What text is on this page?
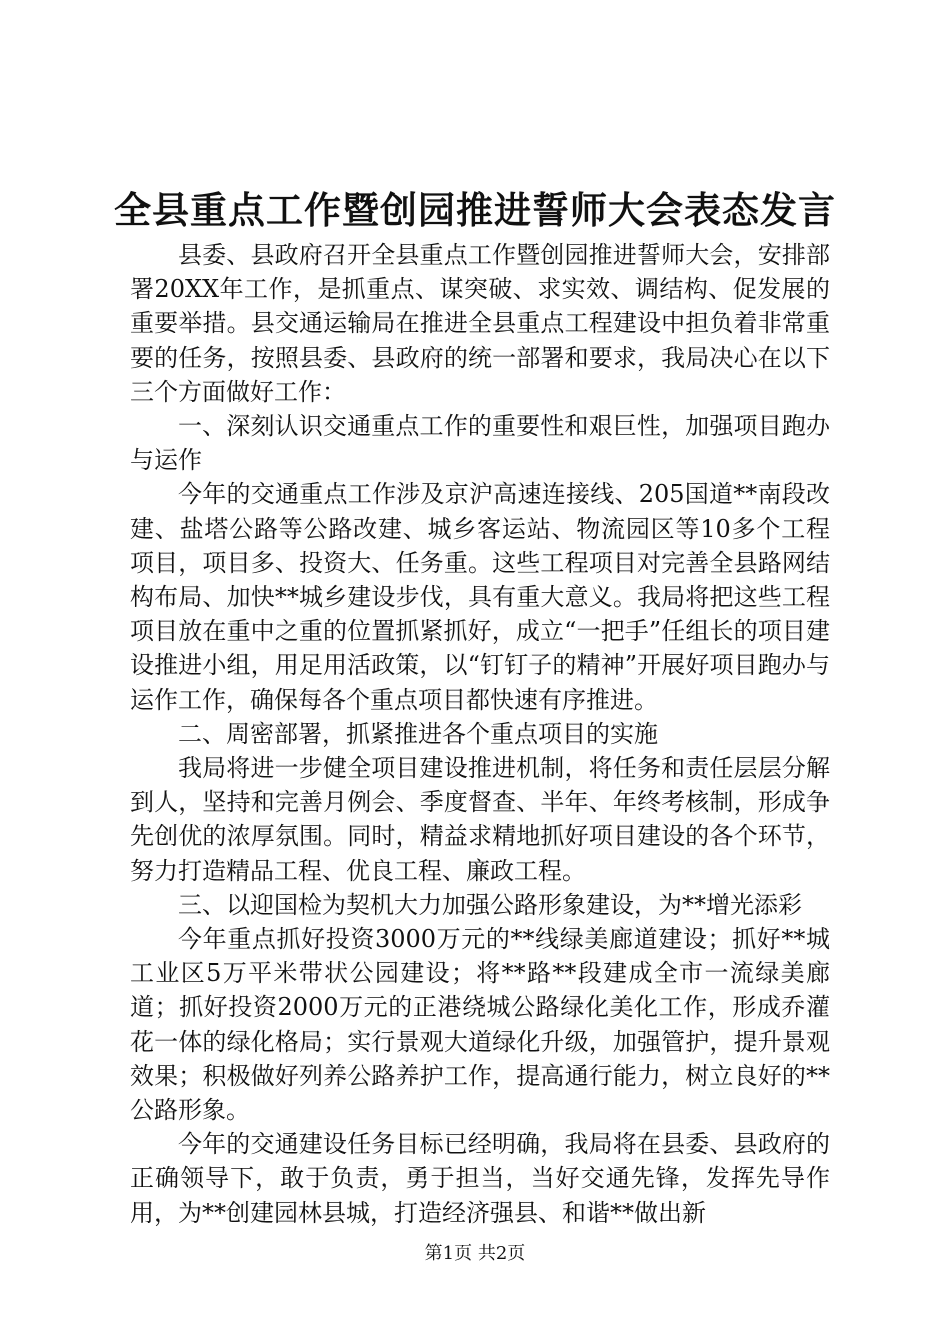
全县重点工作暨创园推进誓师大会表态发言

县委、县政府召开全县重点工作暨创园推进誓师大会，安排部署20XX年工作，是抓重点、谋突破、求实效、调结构、促发展的重要举措。县交通运输局在推进全县重点工程建设中担负着非常重要的任务，按照县委、县政府的统一部署和要求，我局决心在以下三个方面做好工作：

一、深刻认识交通重点工作的重要性和艰巨性，加强项目跑办与运作

今年的交通重点工作涉及京沪高速连接线、205国道**南段改建、盐塔公路等公路改建、城乡客运站、物流园区等10多个工程项目，项目多、投资大、任务重。这些工程项目对完善全县路网结构布局、加快**城乡建设步伐，具有重大意义。我局将把这些工程项目放在重中之重的位置抓紧抓好，成立“一把手”任组长的项目建设推进小组，用足用活政策，以“钉钉子的精神”开展好项目跑办与运作工作，确保每各个重点项目都快速有序推进。

二、周密部署，抓紧推进各个重点项目的实施

我局将进一步健全项目建设推进机制，将任务和责任层层分解到人，坚持和完善月例会、季度督查、半年、年终考核制，形成争先创优的浓厚氛围。同时，精益求精地抓好项目建设的各个环节，努力打造精品工程、优良工程、廉政工程。

三、以迎国检为契机大力加强公路形象建设，为**增光添彩

今年重点抓好投资3000万元的**线绿美廊道建设；抓好**城工业区5万平米带状公园建设；将**路**段建成全市一流绿美廊道；抓好投资2000万元的正港绕城公路绿化美化工作，形成乔灌花一体的绿化格局；实行景观大道绿化升级，加强管护，提升景观效果；积极做好列养公路养护工作，提高通行能力，树立良好的**公路形象。

今年的交通建设任务目标已经明确，我局将在县委、县政府的正确领导下，敢于负责，勇于担当，当好交通先锋，发挥先导作用，为**创建园林县城，打造经济强县、和谐**做出新

第1页 共2页
